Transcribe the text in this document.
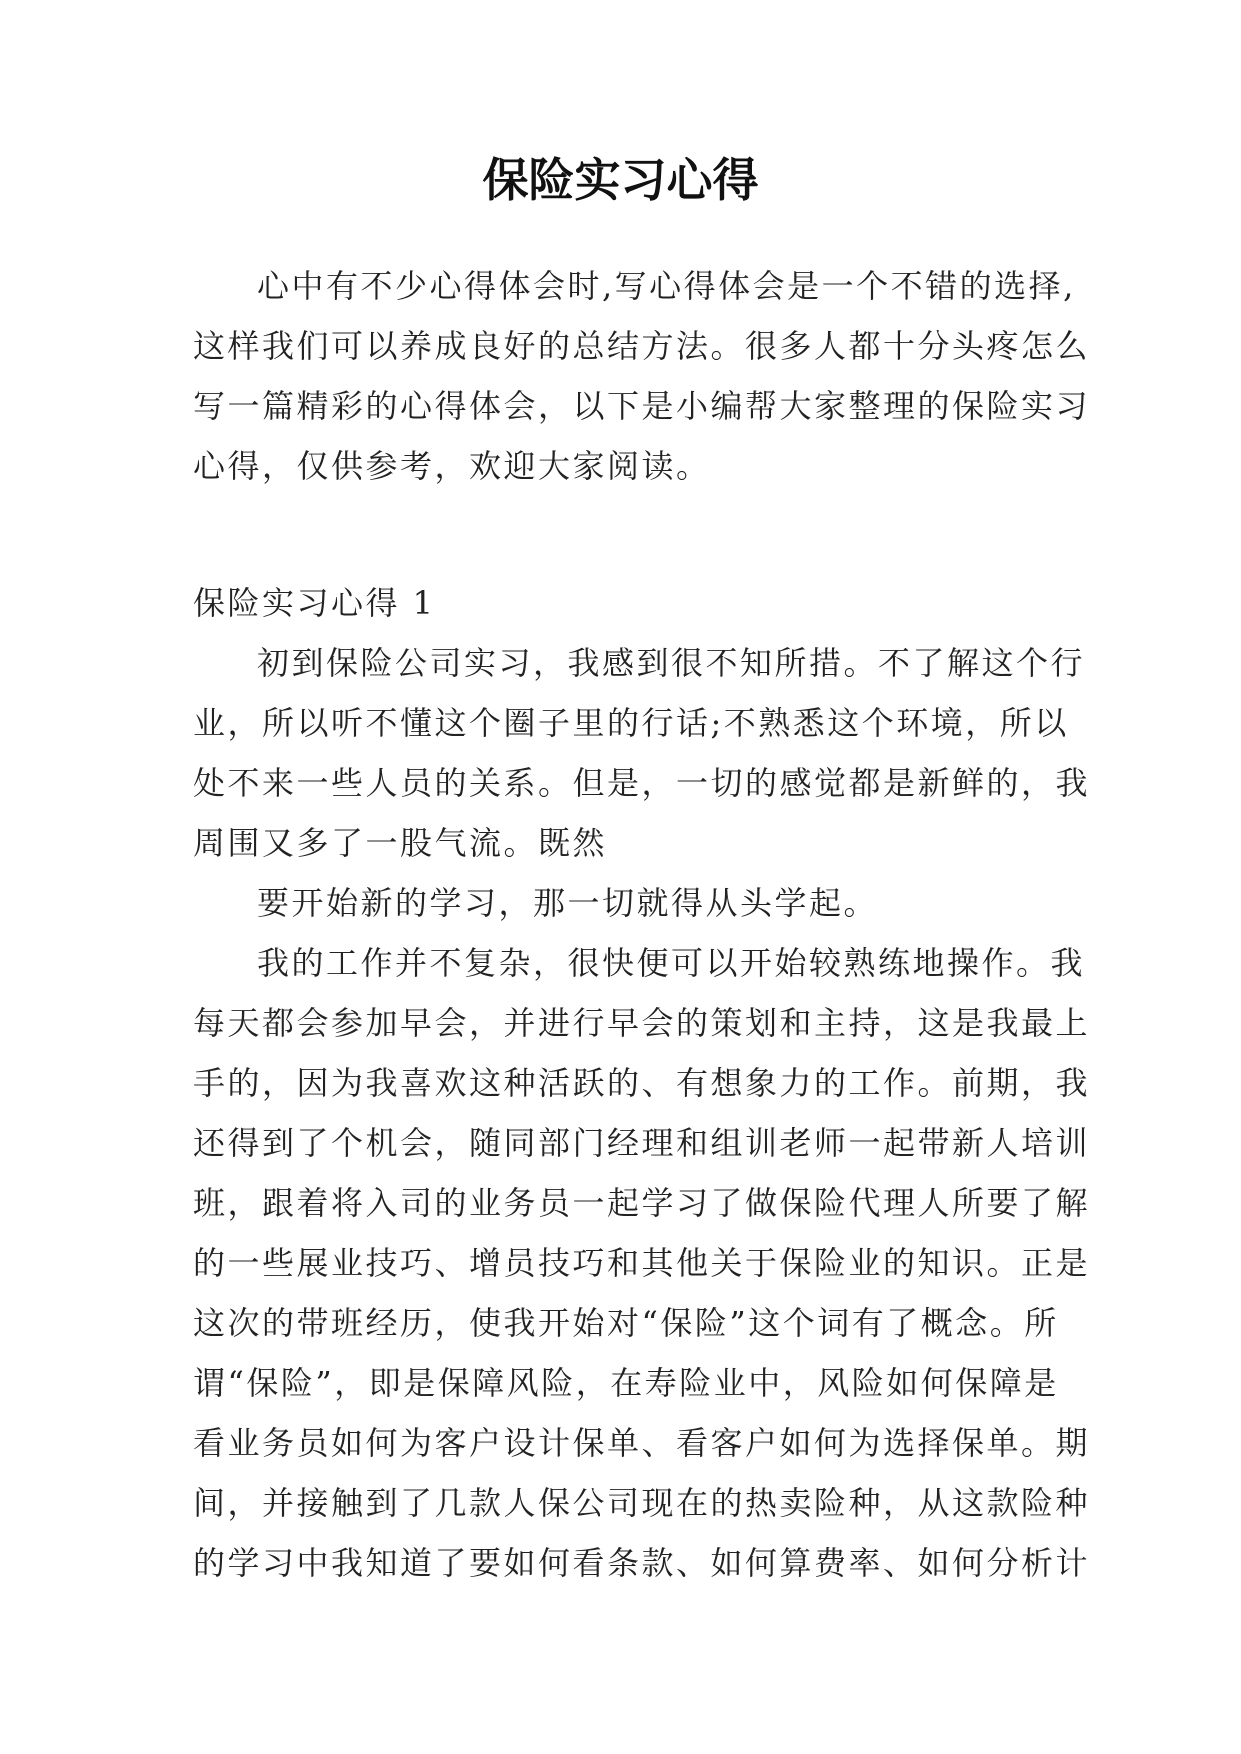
保险实习心得

心中有不少心得体会时,写心得体会是一个不错的选择,

这样我们可以养成良好的总结方法。很多人都十分头疼怎么

写一篇精彩的心得体会，以下是小编帮大家整理的保险实习

心得，仅供参考，欢迎大家阅读。

保险实习心得 1

初到保险公司实习，我感到很不知所措。不了解这个行

业，所以听不懂这个圈子里的行话;不熟悉这个环境，所以

处不来一些人员的关系。但是，一切的感觉都是新鲜的，我

周围又多了一股气流。既然

要开始新的学习，那一切就得从头学起。

我的工作并不复杂，很快便可以开始较熟练地操作。我

每天都会参加早会，并进行早会的策划和主持，这是我最上

手的，因为我喜欢这种活跃的、有想象力的工作。前期，我

还得到了个机会，随同部门经理和组训老师一起带新人培训

班，跟着将入司的业务员一起学习了做保险代理人所要了解

的一些展业技巧、增员技巧和其他关于保险业的知识。正是

这次的带班经历，使我开始对“保险”这个词有了概念。所

谓“保险”，即是保障风险，在寿险业中，风险如何保障是

看业务员如何为客户设计保单、看客户如何为选择保单。期

间，并接触到了几款人保公司现在的热卖险种，从这款险种

的学习中我知道了要如何看条款、如何算费率、如何分析计
